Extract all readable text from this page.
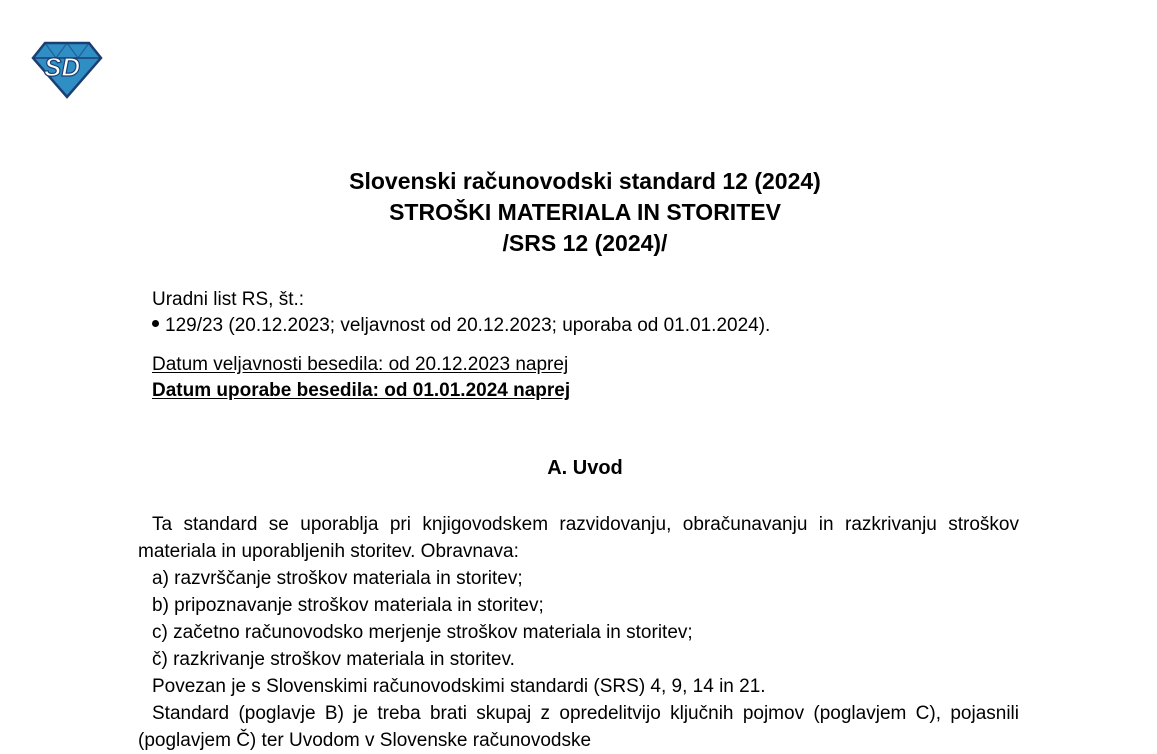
SD
Slovenski računovodski standard 12 (2024)
STROŠKI MATERIALA IN STORITEV
/SRS 12 (2024)/
Uradni list RS, št.:
129/23 (20.12.2023; veljavnost od 20.12.2023; uporaba od 01.01.2024).
Datum veljavnosti besedila: od 20.12.2023 naprej
Datum uporabe besedila: od 01.01.2024 naprej
A. Uvod

Ta standard se uporablja pri knjigovodskem razvidovanju, obračunavanju in razkrivanju stroškov materiala in uporabljenih storitev. Obravnava:

a) razvrščanje stroškov materiala in storitev;

b) pripoznavanje stroškov materiala in storitev;

c) začetno računovodsko merjenje stroškov materiala in storitev;

č) razkrivanje stroškov materiala in storitev.

Povezan je s Slovenskimi računovodskimi standardi (SRS) 4, 9, 14 in 21.

Standard (poglavje B) je treba brati skupaj z opredelitvijo ključnih pojmov (poglavjem C), pojasnili (poglavjem Č) ter Uvodom v Slovenske računovodske
